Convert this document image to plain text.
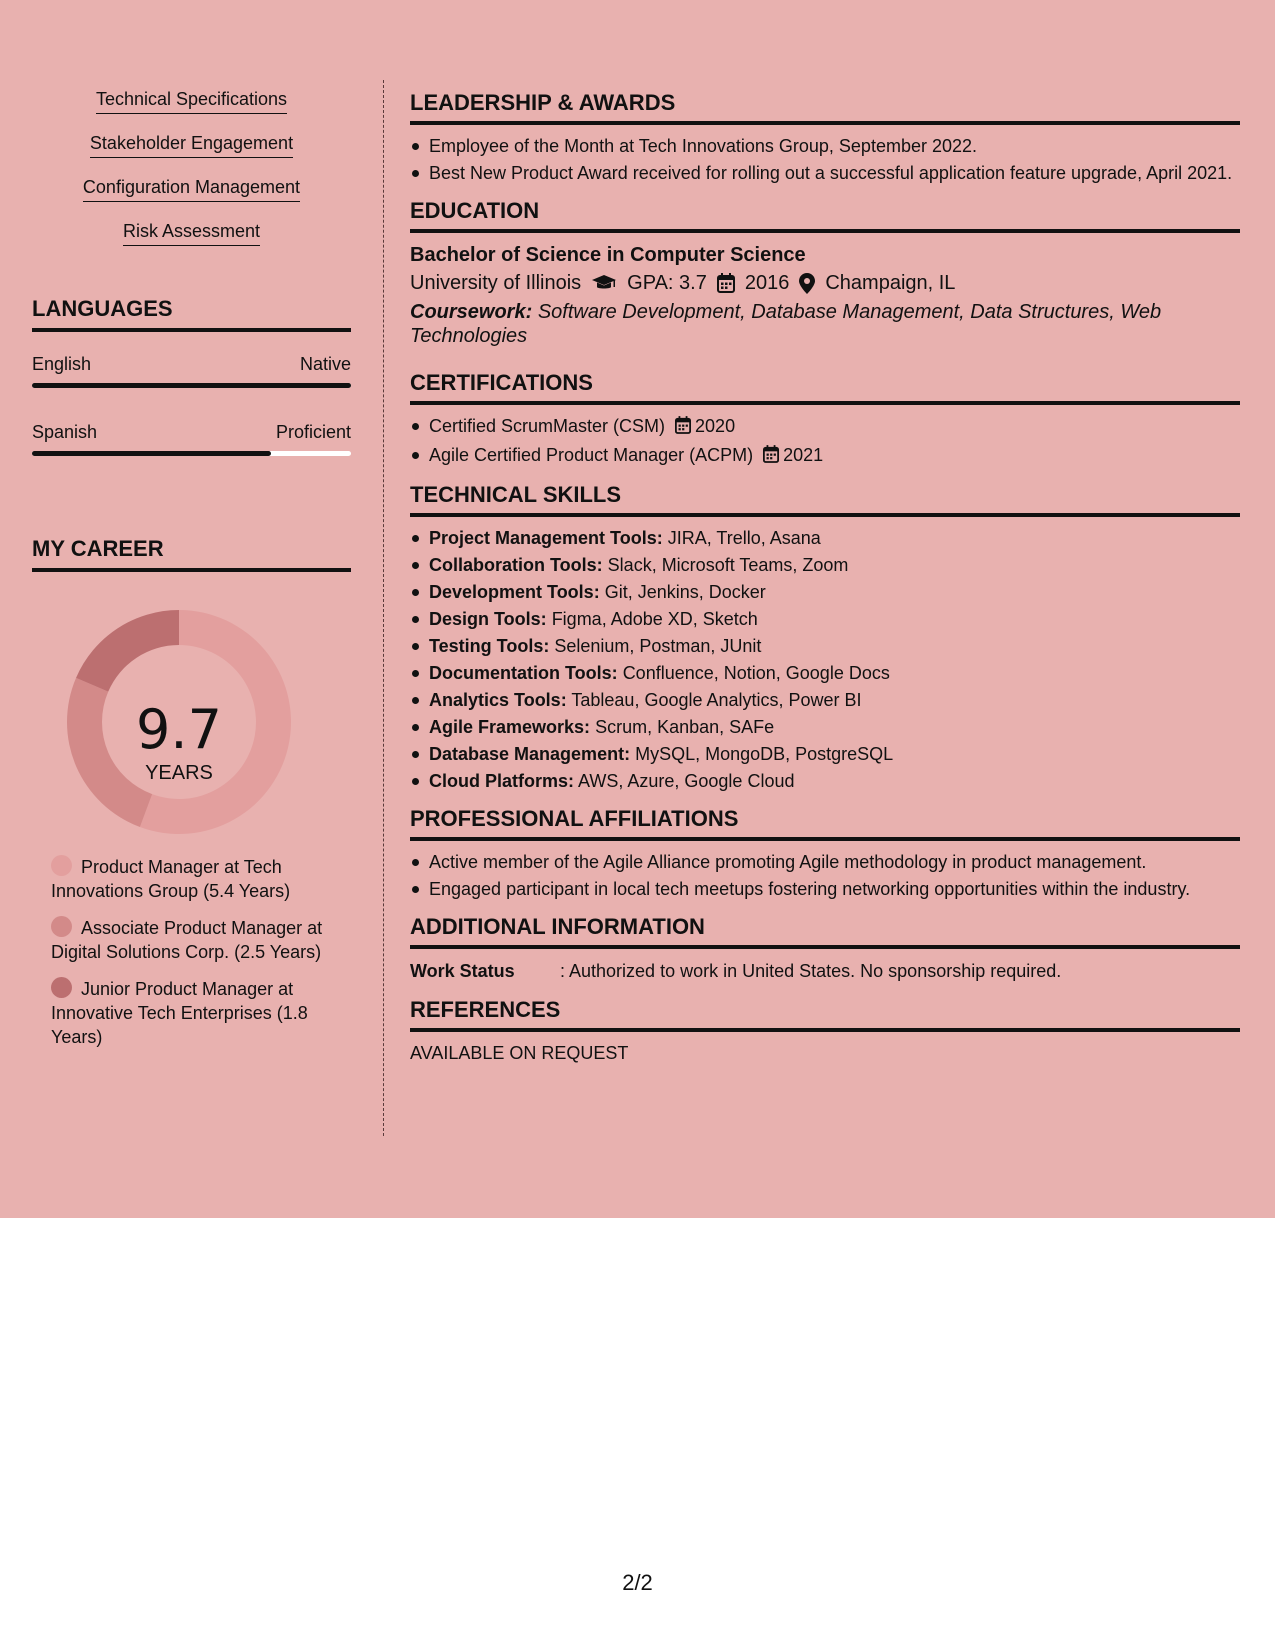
Technical Specifications
Stakeholder Engagement
Configuration Management
Risk Assessment
LANGUAGES
English	Native
Spanish	Proficient
MY CAREER
9.7
YEARS
Product Manager at Tech Innovations Group (5.4 Years)
Associate Product Manager at Digital Solutions Corp. (2.5 Years)
Junior Product Manager at Innovative Tech Enterprises (1.8 Years)
LEADERSHIP & AWARDS
Employee of the Month at Tech Innovations Group, September 2022.
Best New Product Award received for rolling out a successful application feature upgrade, April 2021.
EDUCATION
Bachelor of Science in Computer Science
University of Illinois GPA: 3.7 2016 Champaign, IL
Coursework: Software Development, Database Management, Data Structures, Web Technologies
CERTIFICATIONS
Certified ScrumMaster (CSM) 2020
Agile Certified Product Manager (ACPM) 2021
TECHNICAL SKILLS
Project Management Tools: JIRA, Trello, Asana
Collaboration Tools: Slack, Microsoft Teams, Zoom
Development Tools: Git, Jenkins, Docker
Design Tools: Figma, Adobe XD, Sketch
Testing Tools: Selenium, Postman, JUnit
Documentation Tools: Confluence, Notion, Google Docs
Analytics Tools: Tableau, Google Analytics, Power BI
Agile Frameworks: Scrum, Kanban, SAFe
Database Management: MySQL, MongoDB, PostgreSQL
Cloud Platforms: AWS, Azure, Google Cloud
PROFESSIONAL AFFILIATIONS
Active member of the Agile Alliance promoting Agile methodology in product management.
Engaged participant in local tech meetups fostering networking opportunities within the industry.
ADDITIONAL INFORMATION
Work Status	: Authorized to work in United States. No sponsorship required.
REFERENCES
AVAILABLE ON REQUEST
2/2
